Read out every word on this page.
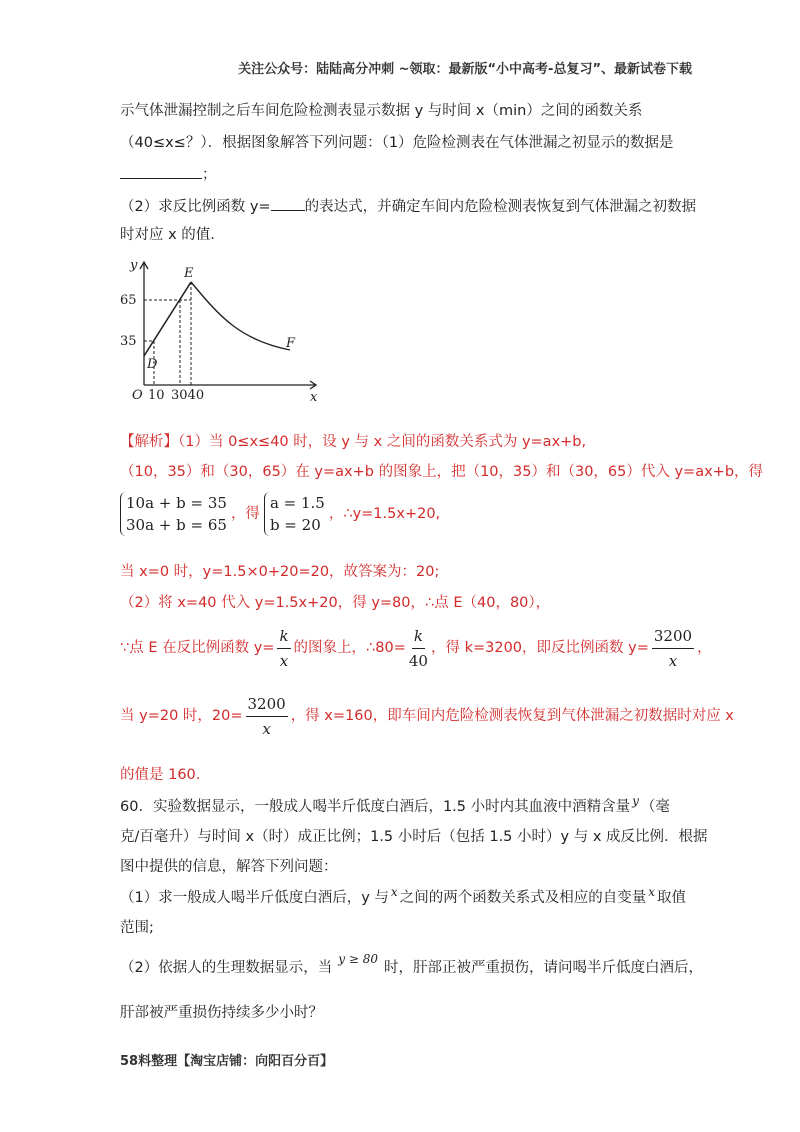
关注公众号：陆陆高分冲刺 ~领取：最新版“小中高考-总复习”、最新试卷下载
示气体泄漏控制之后车间危险检测表显示数据 y 与时间 x（min）之间的函数关系
（40≤x≤？）．根据图象解答下列问题：（1）危险检测表在气体泄漏之初显示的数据是
；
（2）求反比例函数 y= 的表达式，并确定车间内危险检测表恢复到气体泄漏之初数据
时对应 x 的值.
y
x
O
65
35
10 3040
E
D
F
【解析】（1）当 0≤x≤40 时，设 y 与 x 之间的函数关系式为 y=ax+b,
（10，35）和（30，65）在 y=ax+b 的图象上，把（10，35）和（30，65）代入 y=ax+b，得
10a + b = 35
30a + b = 65
，得
a = 1.5
b = 20
，∴y=1.5x+20,
当 x=0 时，y=1.5×0+20=20，故答案为：20;
（2）将 x=40 代入 y=1.5x+20，得 y=80，∴点 E（40，80），
∵点 E 在反比例函数 $y= \frac{k}{x}$ 的图象上，∴80= $\frac{k}{40}$ ，得 k=3200，即反比例函数 $y= \frac{3200}{x}$ ，
当 y=20 时，$20= \frac{3200}{x}$ ，得 x=160，即车间内危险检测表恢复到气体泄漏之初数据时对应 x
的值是 160.
60．实验数据显示，一般成人喝半斤低度白酒后，1.5 小时内其血液中酒精含量 $^y$ （毫
克/百毫升）与时间 x（时）成正比例；1.5 小时后（包括 1.5 小时）y 与 x 成反比例．根据
图中提供的信息，解答下列问题：
（1）求一般成人喝半斤低度白酒后，y 与 $^x$ 之间的两个函数关系式及相应的自变量 $^x$ 取值
范围;
（2）依据人的生理数据显示，当$^{y \ge 80}$时，肝部正被严重损伤，请问喝半斤低度白酒后，
肝部被严重损伤持续多少小时？
58料整理【淘宝店铺：向阳百分百】
